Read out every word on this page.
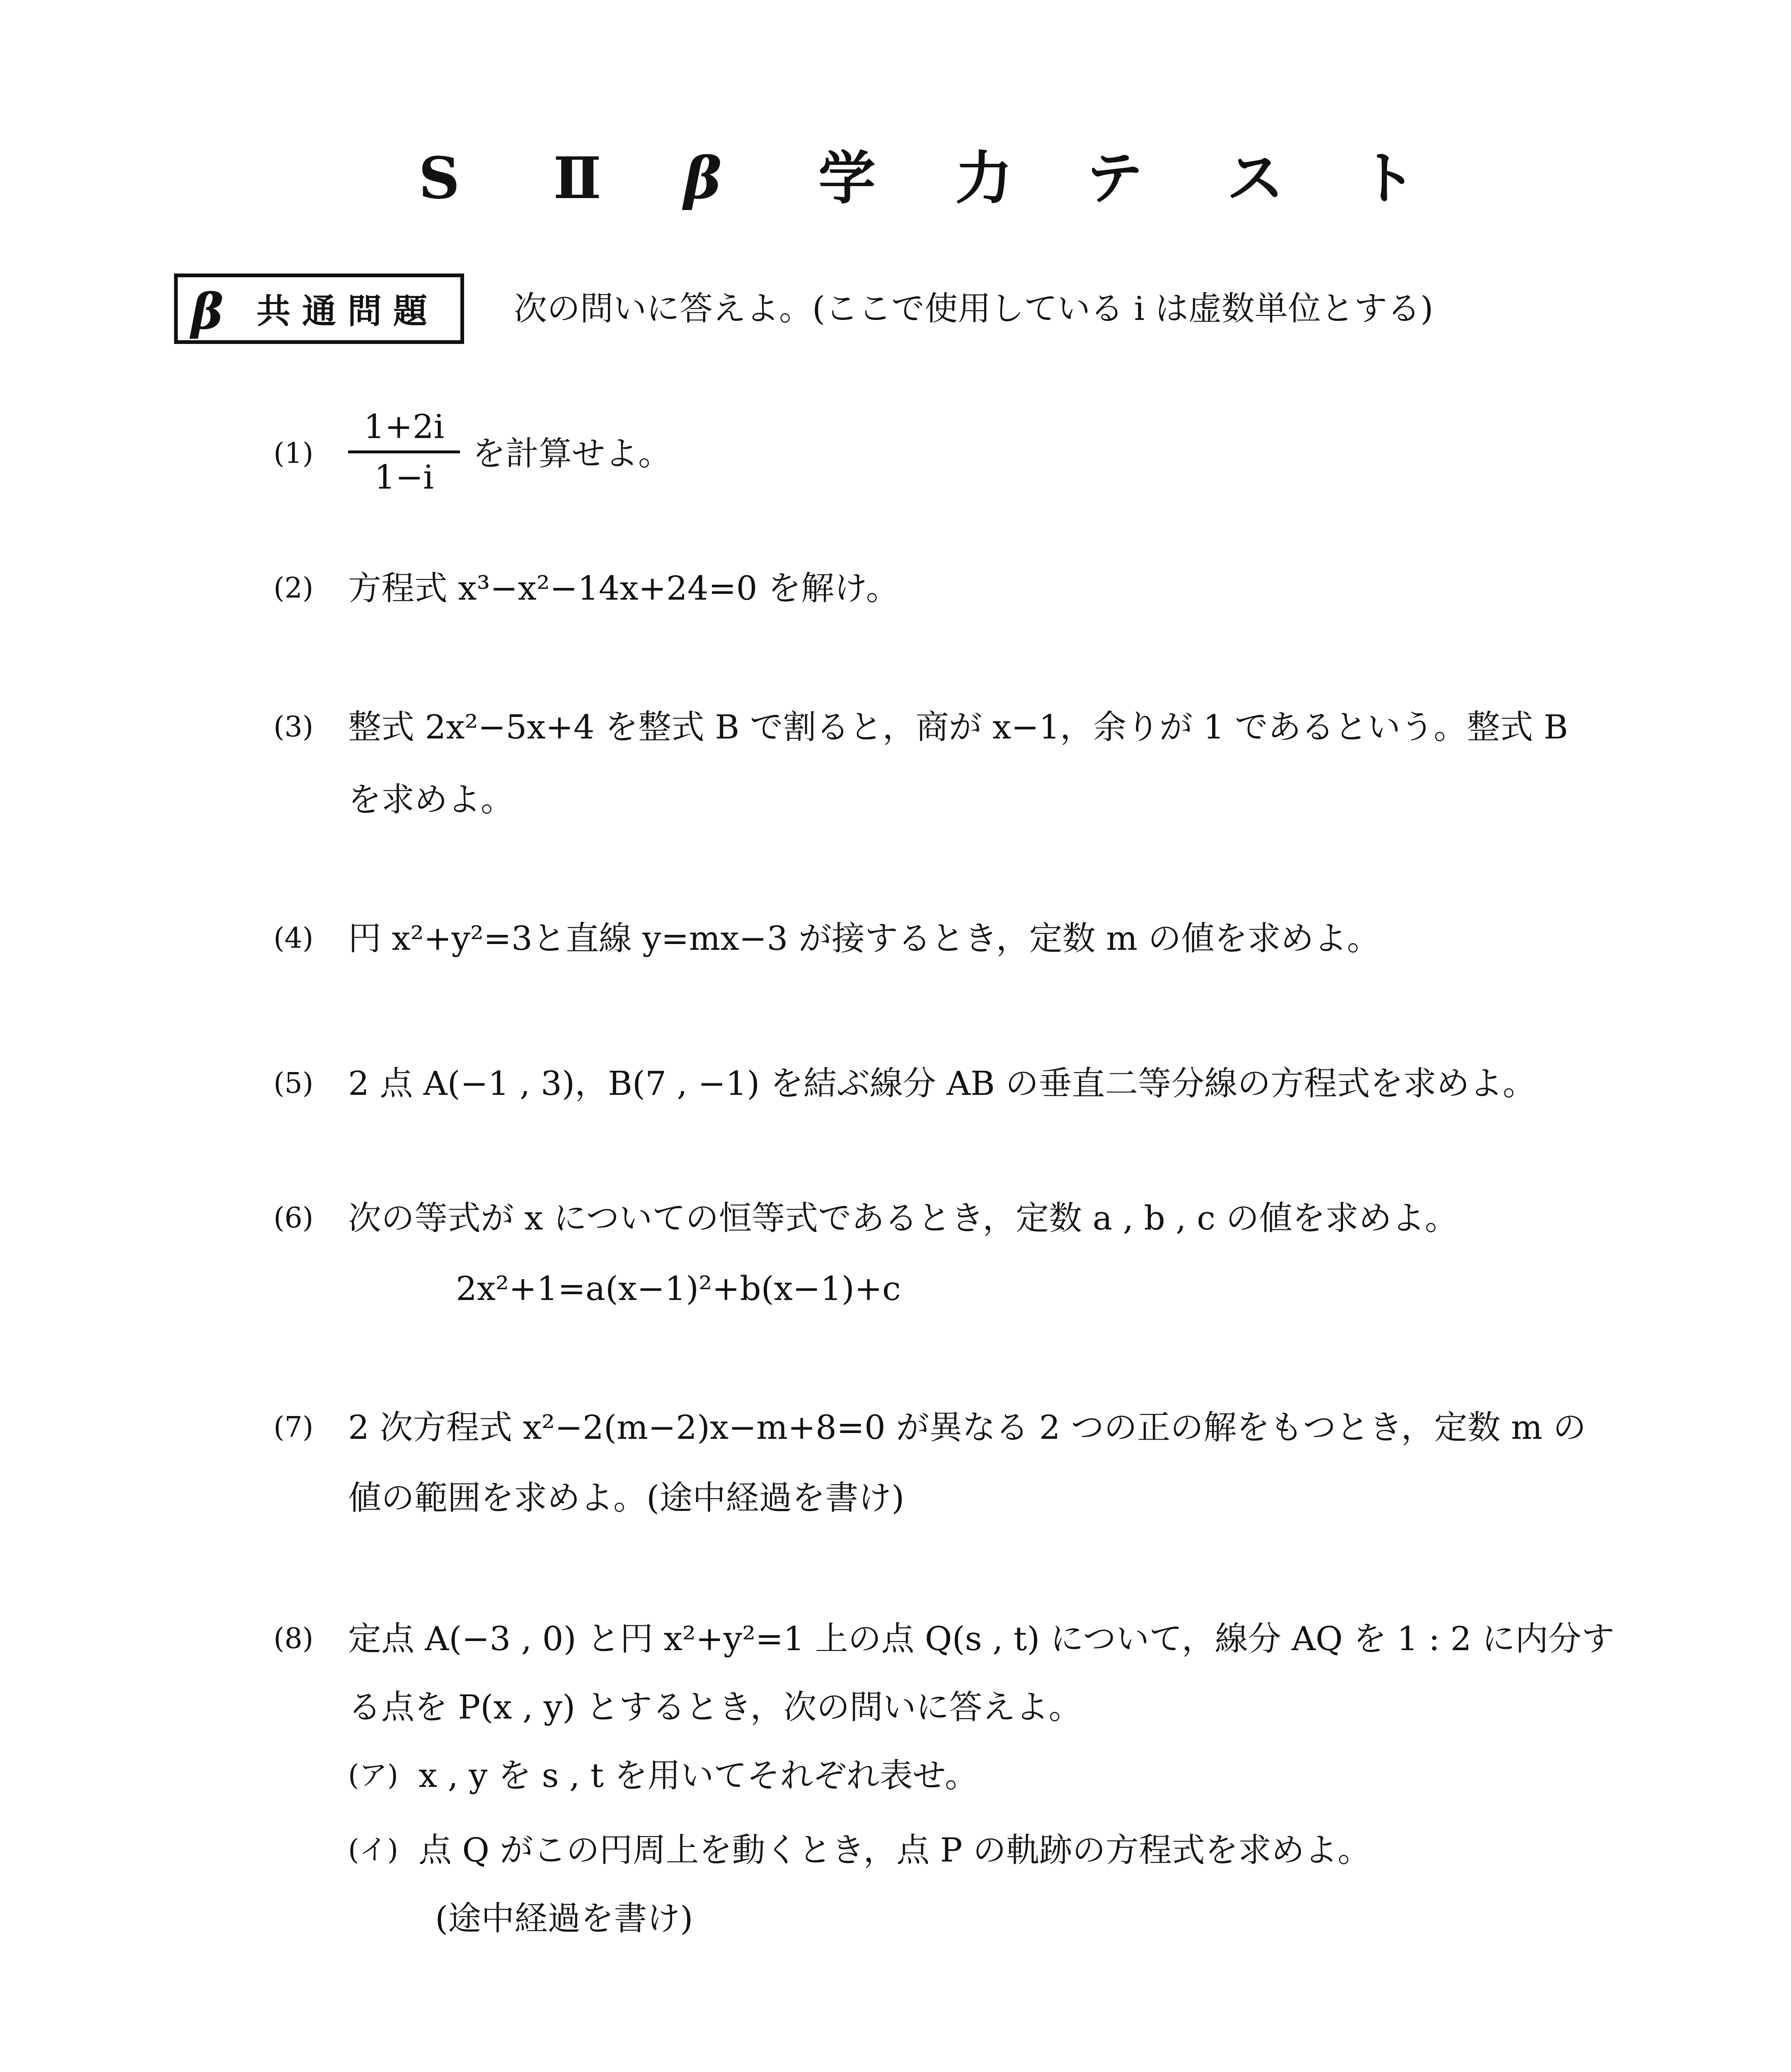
S Ⅱ β 学 力 テ ス ト
β 共通問題 次の問いに答えよ。(ここで使用している i は虚数単位とする)
(1)
1+2i
1−i
を計算せよ。
(2) 方程式 x³−x²−14x+24=0 を解け。
(3) 整式 2x²−5x+4 を整式 B で割ると，商が x−1，余りが 1 であるという。整式 B
を求めよ。
(4) 円 x²+y²=3と直線 y=mx−3 が接するとき，定数 m の値を求めよ。
(5) 2 点 A(−1 , 3)，B(7 , −1) を結ぶ線分 AB の垂直二等分線の方程式を求めよ。
(6) 次の等式が x についての恒等式であるとき，定数 a , b , c の値を求めよ。
2x²+1=a(x−1)²+b(x−1)+c
(7) 2 次方程式 x²−2(m−2)x−m+8=0 が異なる 2 つの正の解をもつとき，定数 m の
値の範囲を求めよ。(途中経過を書け)
(8) 定点 A(−3 , 0) と円 x²+y²=1 上の点 Q(s , t) について，線分 AQ を 1 : 2 に内分す
る点を P(x , y) とするとき，次の問いに答えよ。
(ア) x , y を s , t を用いてそれぞれ表せ。
(イ) 点 Q がこの円周上を動くとき，点 P の軌跡の方程式を求めよ。
(途中経過を書け)
